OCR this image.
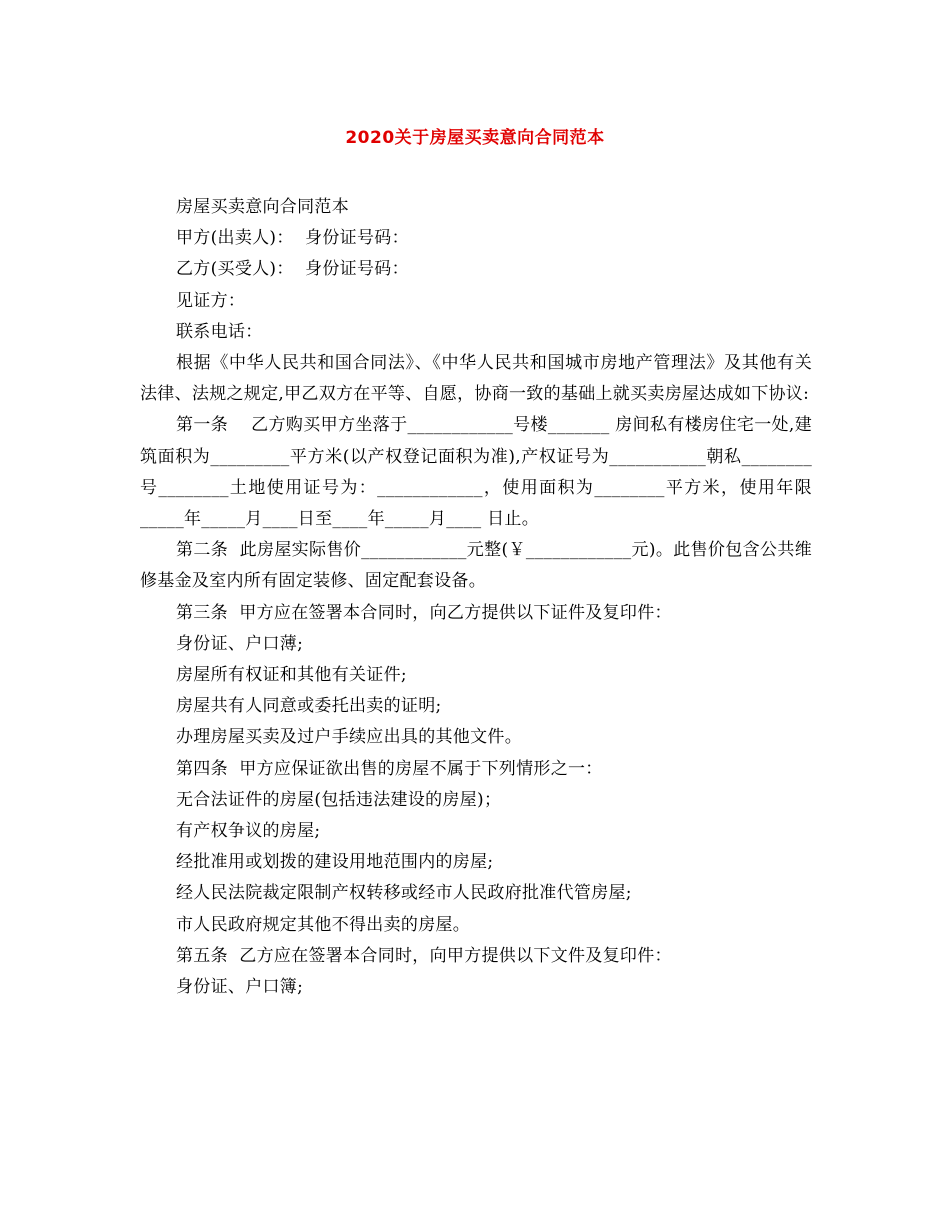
2020关于房屋买卖意向合同范本

房屋买卖意向合同范本

甲方(出卖人)：  身份证号码：

乙方(买受人)：  身份证号码：

见证方：

联系电话：

根据《中华人民共和国合同法》、《中华人民共和国城市房地产管理法》及其他有关法律、法规之规定,甲乙双方在平等、自愿，协商一致的基础上就买卖房屋达成如下协议:

第一条    乙方购买甲方坐落于____________号楼_______ 房间私有楼房住宅一处,建筑面积为_________平方米(以产权登记面积为准),产权证号为___________朝私________号________土地使用证号为：____________，使用面积为________平方米，使用年限_____年_____月____日至____年_____月____ 日止。

第二条  此房屋实际售价____________元整(￥____________元)。此售价包含公共维修基金及室内所有固定装修、固定配套设备。

第三条  甲方应在签署本合同时，向乙方提供以下证件及复印件：

身份证、户口薄;

房屋所有权证和其他有关证件;

房屋共有人同意或委托出卖的证明;

办理房屋买卖及过户手续应出具的其他文件。

第四条  甲方应保证欲出售的房屋不属于下列情形之一：

无合法证件的房屋(包括违法建设的房屋)；

有产权争议的房屋;

经批准用或划拨的建设用地范围内的房屋;

经人民法院裁定限制产权转移或经市人民政府批准代管房屋;

市人民政府规定其他不得出卖的房屋。

第五条  乙方应在签署本合同时，向甲方提供以下文件及复印件：

身份证、户口簿;
